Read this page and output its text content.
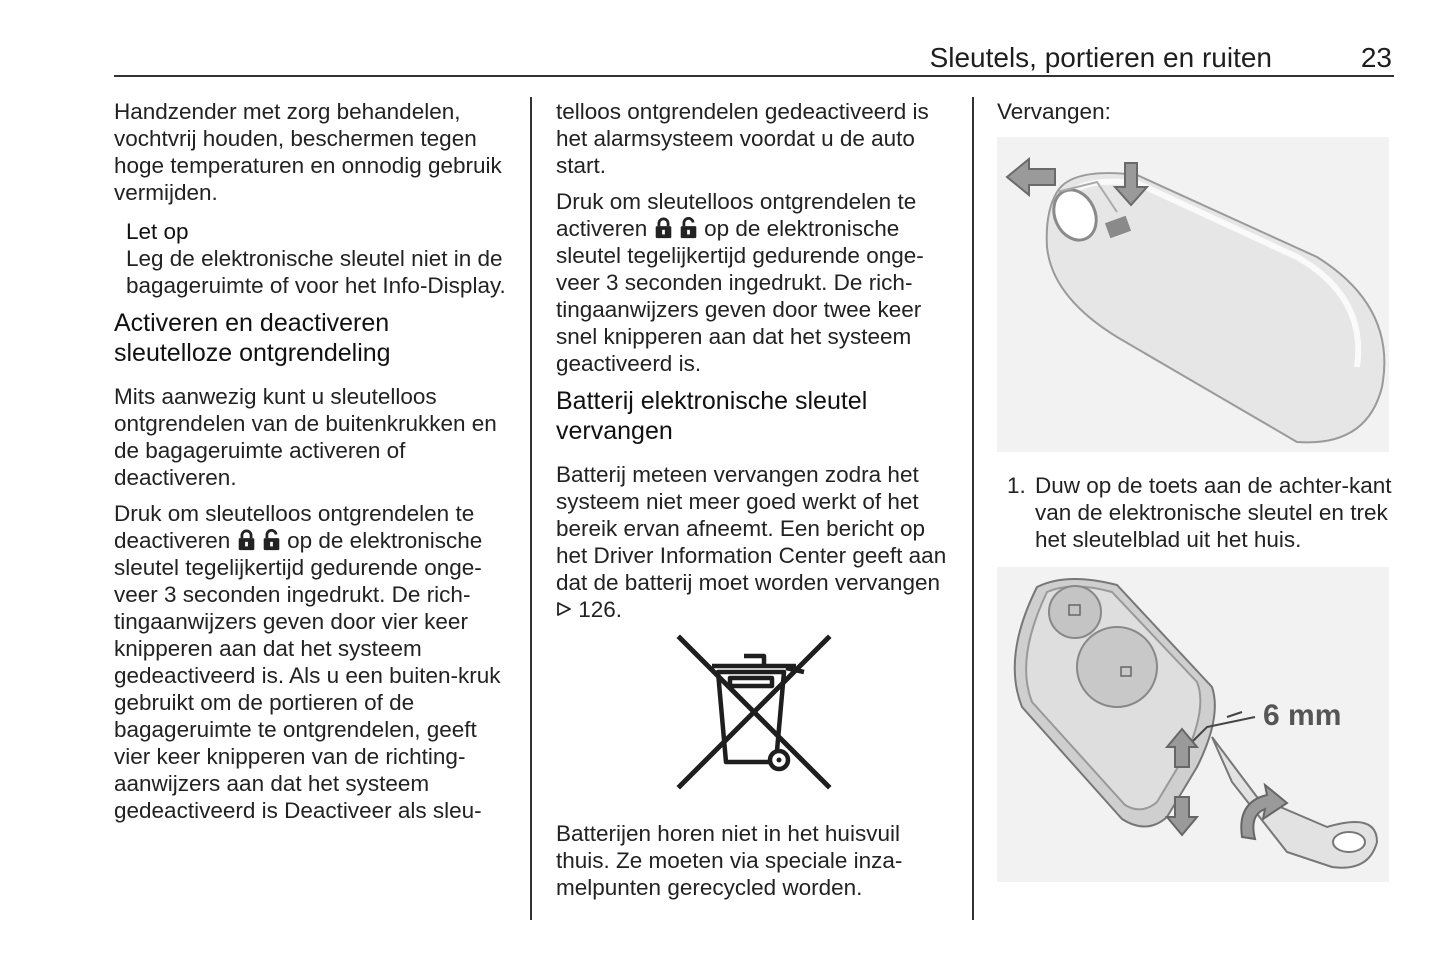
Sleutels, portieren en ruiten	23

Handzender met zorg behandelen, vochtvrij houden, beschermen tegen hoge temperaturen en onnodig gebruik vermijden.

Let op
Leg de elektronische sleutel niet in de bagageruimte of voor het Info-Display.
Activeren en deactiveren sleutelloze ontgrendeling

Mits aanwezig kunt u sleutelloos ontgrendelen van de buitenkrukken en de bagageruimte activeren of deactiveren.

Druk om sleutelloos ontgrendelen te deactiveren	op de elektronische sleutel tegelijkertijd gedurende onge-veer 3 seconden ingedrukt. De rich-tingaanwijzers geven door vier keer knipperen aan dat het systeem gedeactiveerd is. Als u een buiten-kruk gebruikt om de portieren of de bagageruimte te ontgrendelen, geeft vier keer knipperen van de richting-aanwijzers aan dat het systeem gedeactiveerd is Deactiveer als sleu-

telloos ontgrendelen gedeactiveerd is het alarmsysteem voordat u de auto start.

Druk om sleutelloos ontgrendelen te activeren	op de elektronische sleutel tegelijkertijd gedurende onge-veer 3 seconden ingedrukt. De rich-tingaanwijzers geven door twee keer snel knipperen aan dat het systeem geactiveerd is.

Batterij elektronische sleutel vervangen

Batterij meteen vervangen zodra het systeem niet meer goed werkt of het bereik ervan afneemt. Een bericht op het Driver Information Center geeft aan dat de batterij moet worden vervangen  126.

Batterijen horen niet in het huisvuil thuis. Ze moeten via speciale inza-melpunten gerecycled worden.

Vervangen:

1. Duw op de toets aan de achter-kant van de elektronische sleutel en trek het sleutelblad uit het huis.
6 mm
